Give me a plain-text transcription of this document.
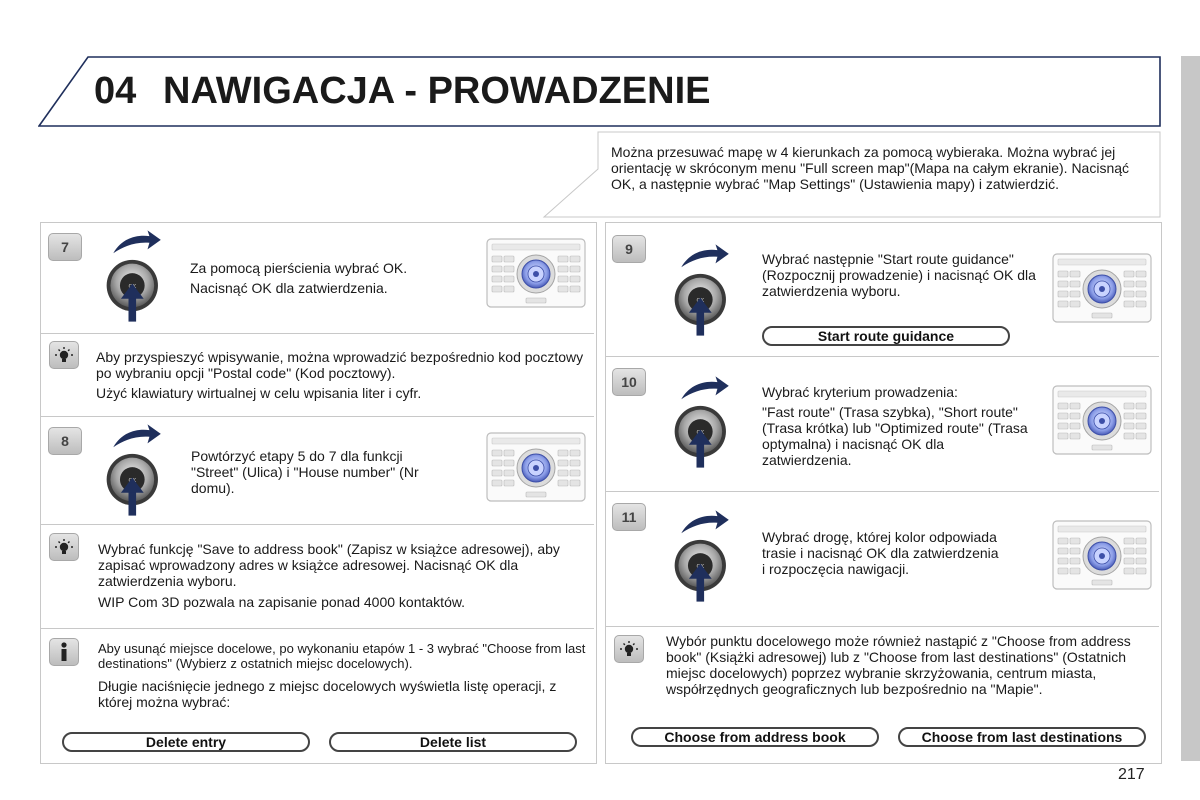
04 NAWIGACJA - PROWADZENIE
Można przesuwać mapę w 4 kierunkach za pomocą wybieraka. Można wybrać jej orientację w skróconym menu "Full screen map"(Mapa na całym ekranie). Nacisnąć OK, a następnie wybrać "Map Settings" (Ustawienia mapy) i zatwierdzić.
7

Za pomocą pierścienia wybrać OK.

Nacisnąć OK dla zatwierdzenia.

Aby przyspieszyć wpisywanie, można wprowadzić bezpośrednio kod pocztowy po wybraniu opcji "Postal code" (Kod pocztowy).

Użyć klawiatury wirtualnej w celu wpisania liter i cyfr.

8
Powtórzyć etapy 5 do 7 dla funkcji "Street" (Ulica) i "House number" (Nr domu).

Wybrać funkcję "Save to address book" (Zapisz w książce adresowej), aby zapisać wprowadzony adres w książce adresowej. Nacisnąć OK dla zatwierdzenia wyboru.

WIP Com 3D pozwala na zapisanie ponad 4000 kontaktów.

Aby usunąć miejsce docelowe, po wykonaniu etapów 1 - 3 wybrać "Choose from last destinations" (Wybierz z ostatnich miejsc docelowych).

Długie naciśnięcie jednego z miejsc docelowych wyświetla listę operacji, z której można wybrać:

Delete entry	Delete list
9
Wybrać następnie "Start route guidance" (Rozpocznij prowadzenie) i nacisnąć OK dla zatwierdzenia wyboru.
Start route guidance
10

Wybrać kryterium prowadzenia:

"Fast route" (Trasa szybka), "Short route" (Trasa krótka) lub "Optimized route" (Trasa optymalna) i nacisnąć OK dla zatwierdzenia.

11
Wybrać drogę, której kolor odpowiada trasie i nacisnąć OK dla zatwierdzenia i rozpoczęcia nawigacji.
Wybór punktu docelowego może również nastąpić z "Choose from address book" (Książki adresowej) lub z "Choose from last destinations" (Ostatnich miejsc docelowych) poprzez wybranie skrzyżowania, centrum miasta, współrzędnych geograficznych lub bezpośrednio na "Mapie".
Choose from address book	Choose from last destinations
217
